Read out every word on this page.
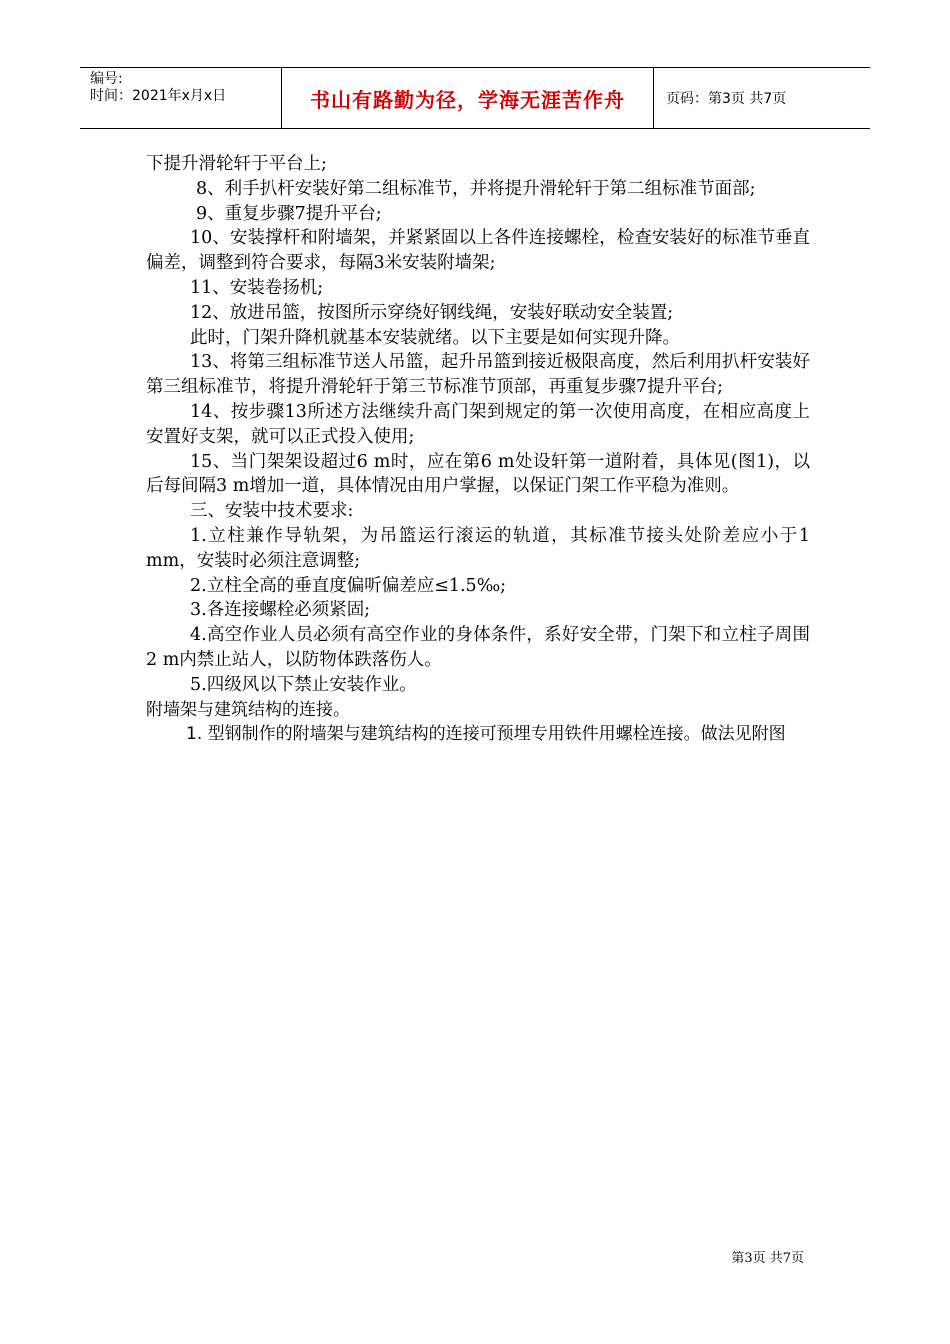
编号:
时间：2021年x月x日	书山有路勤为径，学海无涯苦作舟	页码：第3页 共7页

下提升滑轮轩于平台上;

8、利手扒杆安装好第二组标准节，并将提升滑轮轩于第二组标准节面部;

9、重复步骤7提升平台;

10、安装撑杆和附墙架，并紧紧固以上各件连接螺栓，检查安装好的标准节垂直偏差，调整到符合要求，每隔3米安装附墙架;

11、安装卷扬机;

12、放进吊篮，按图所示穿绕好钢线绳，安装好联动安全装置;

此时，门架升降机就基本安装就绪。以下主要是如何实现升降。

13、将第三组标准节送人吊篮，起升吊篮到接近极限高度，然后利用扒杆安装好第三组标准节，将提升滑轮轩于第三节标准节顶部，再重复步骤7提升平台;

14、按步骤13所述方法继续升高门架到规定的第一次使用高度，在相应高度上安置好支架，就可以正式投入使用;

15、当门架架设超过6 m时，应在第6 m处设轩第一道附着，具体见(图1)，以后每间隔3 m增加一道，具体情况由用户掌握，以保证门架工作平稳为准则。

三、安装中技术要求:

1.立柱兼作导轨架，为吊篮运行滚运的轨道，其标准节接头处阶差应小于1 mm，安装时必须注意调整;

2.立柱全高的垂直度偏听偏差应≤1.5‰;

3.各连接螺栓必须紧固;

4.高空作业人员必须有高空作业的身体条件，系好安全带，门架下和立柱子周围2 m内禁止站人，以防物体跌落伤人。

5.四级风以下禁止安装作业。

附墙架与建筑结构的连接。

1. 型钢制作的附墙架与建筑结构的连接可预埋专用铁件用螺栓连接。做法见附图

第3页 共7页
